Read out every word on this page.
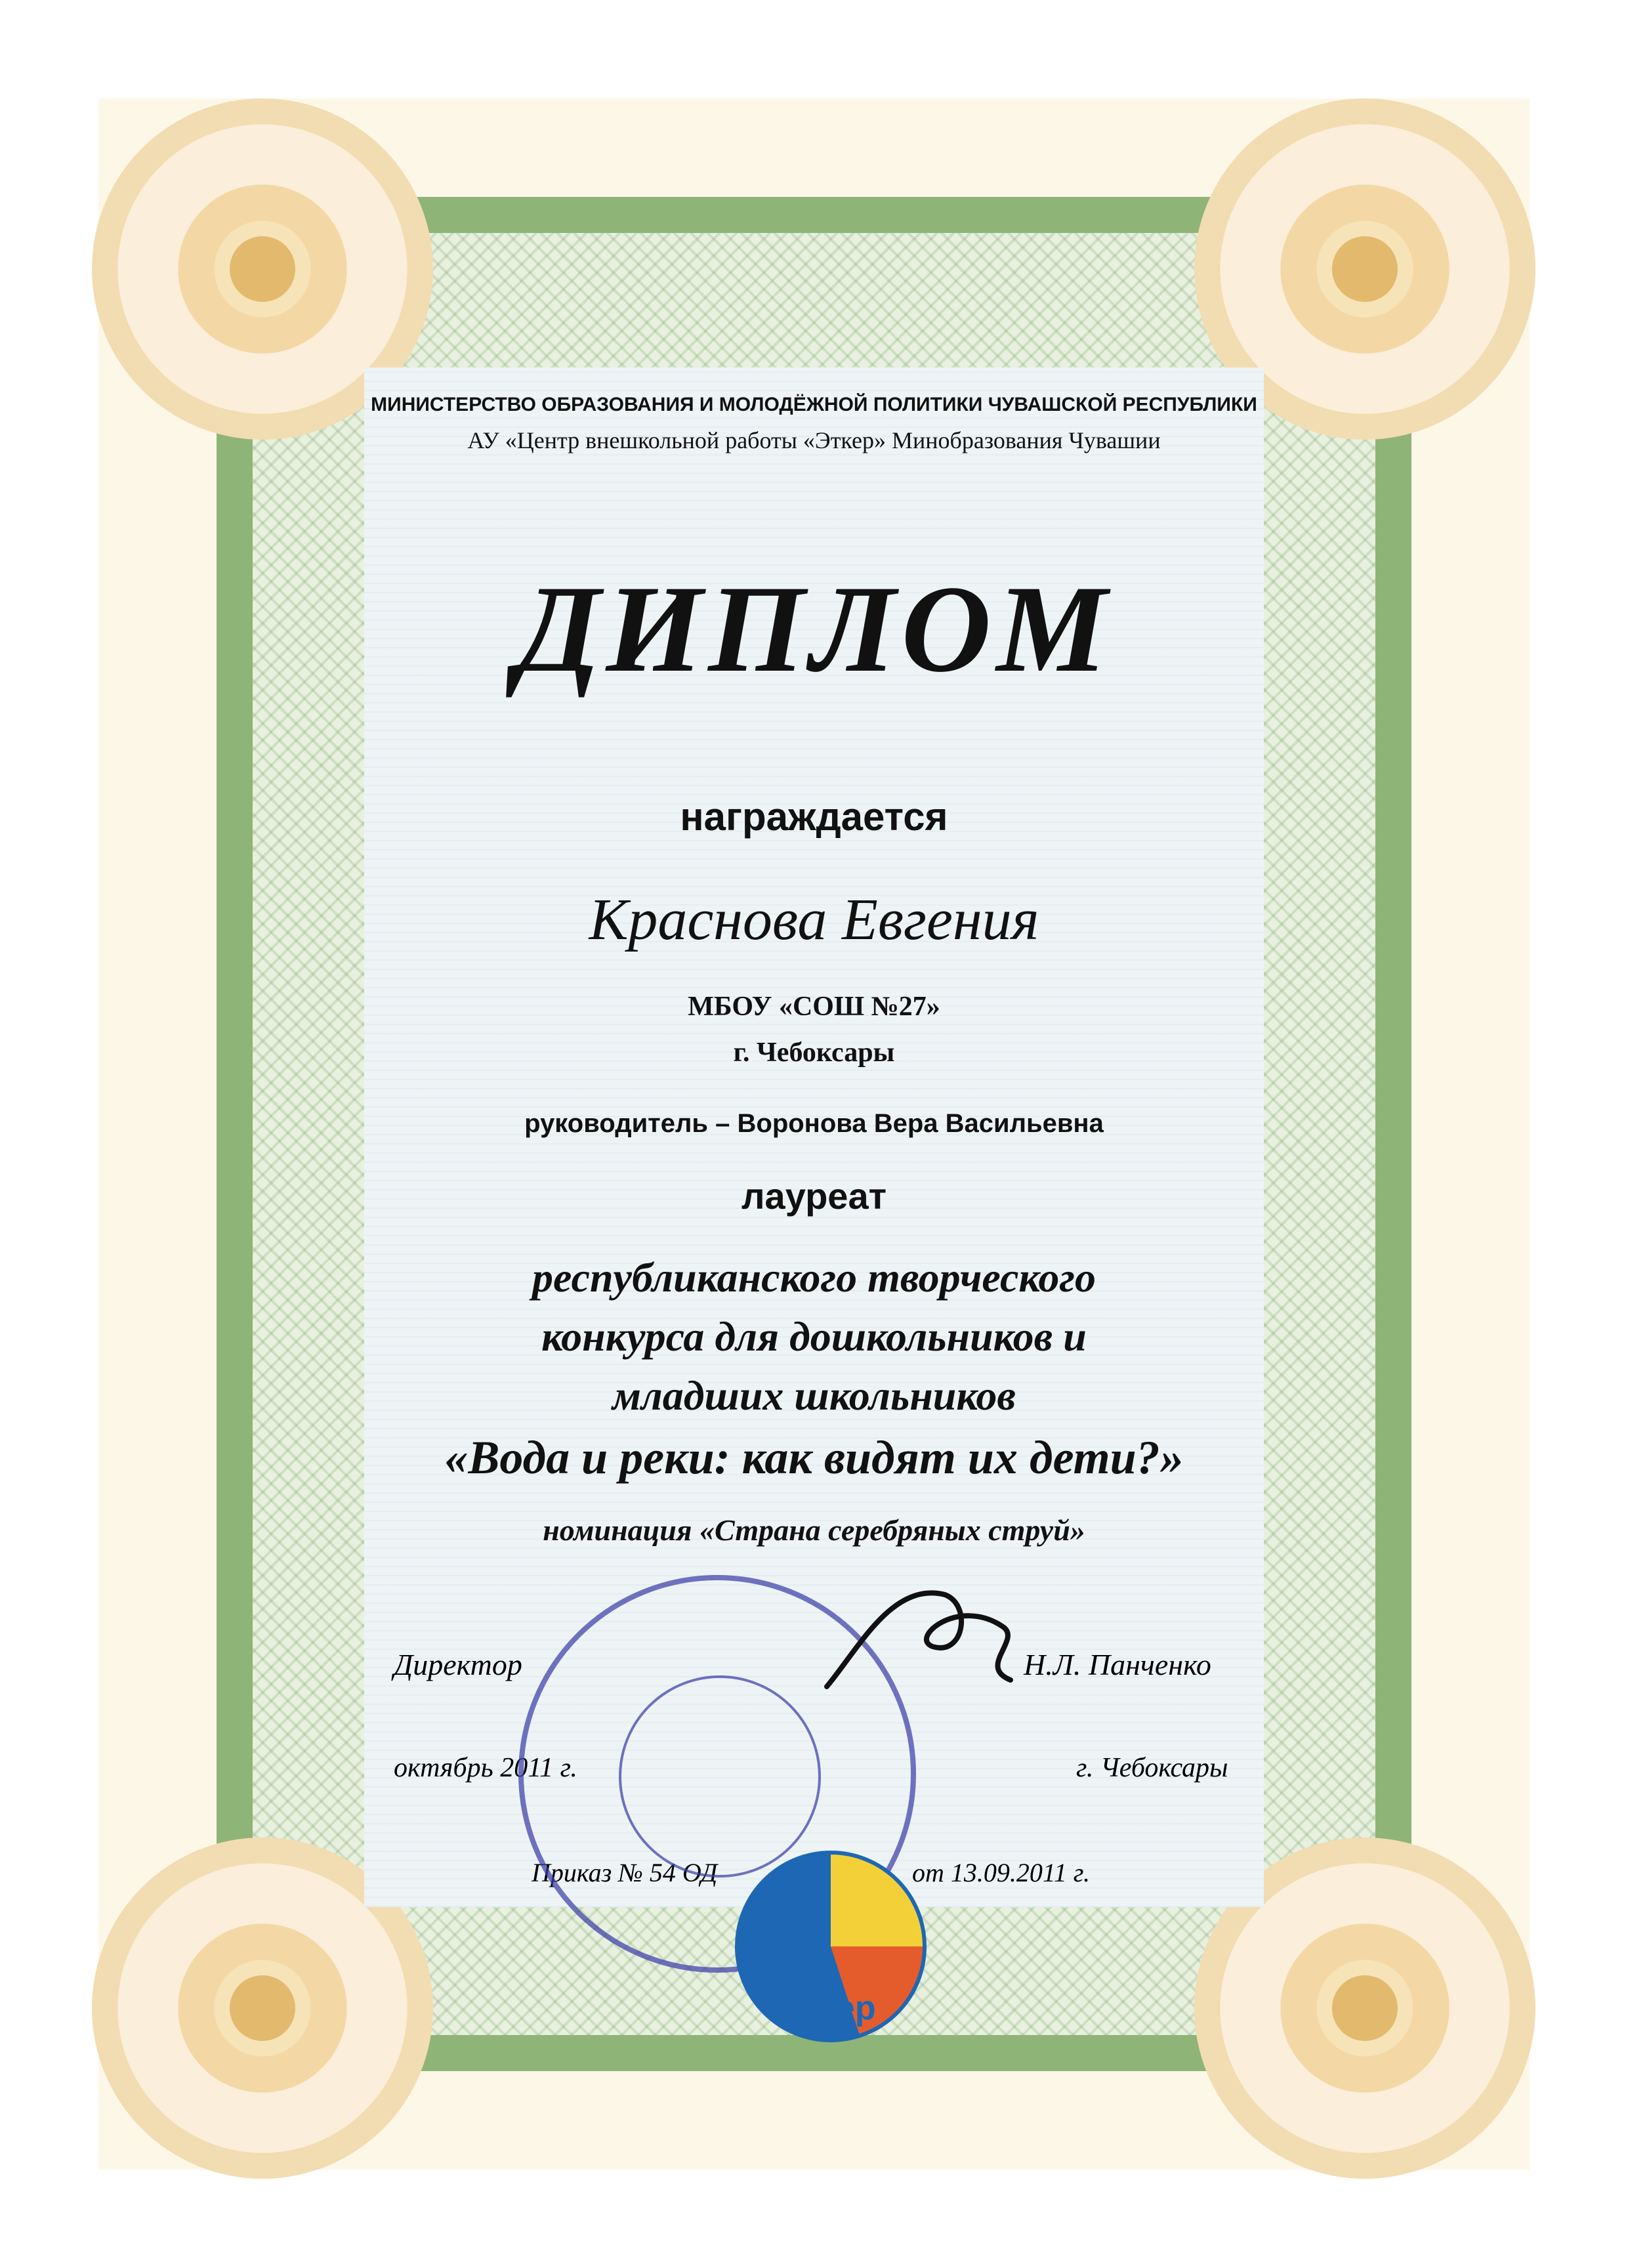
МИНИСТЕРСТВО ОБРАЗОВАНИЯ И МОЛОДЁЖНОЙ ПОЛИТИКИ ЧУВАШСКОЙ РЕСПУБЛИКИ
АУ «Центр внешкольной работы «Эткер» Минобразования Чувашии
ДИПЛОМ
награждается
Краснова Евгения
МБОУ «СОШ №27»
г. Чебоксары
руководитель – Воронова Вера Васильевна
лауреат
республиканского творческого
конкурса для дошкольников и
младших школьников
«Вода и реки: как видят их дети?»
номинация «Страна серебряных струй»
Директор	Н.Л. Панченко
октябрь 2011 г.	г. Чебоксары
Приказ № 54 ОД	от 13.09.2011 г.
Эткер
